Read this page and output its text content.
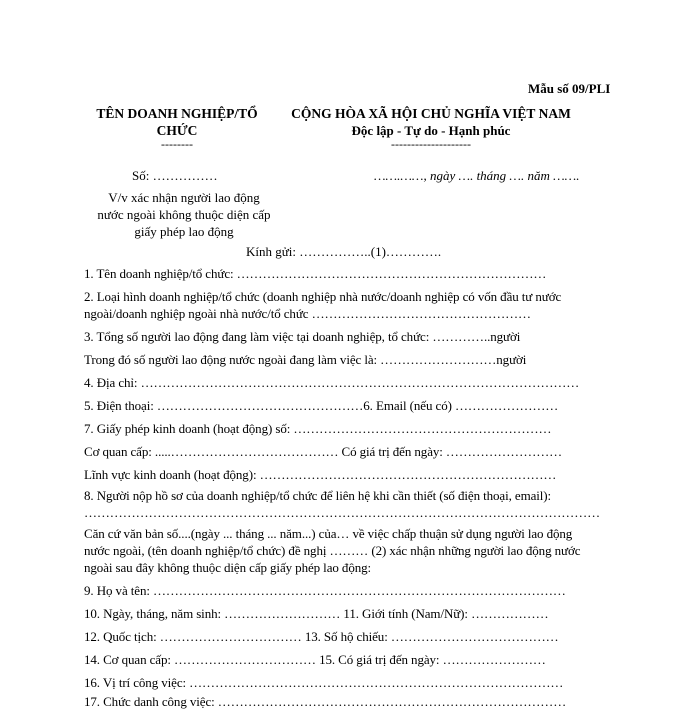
Mẫu số 09/PLI
TÊN DOANH NGHIỆP/TỔ
CHỨC
--------
CỘNG HÒA XÃ HỘI CHỦ NGHĨA VIỆT NAM
Độc lập - Tự do - Hạnh phúc
--------------------
Số: ……………	…….……, ngày …. tháng …. năm …….
V/v xác nhận người lao động
nước ngoài không thuộc diện cấp
giấy phép lao động
Kính gửi: ……………..(1)………….
1. Tên doanh nghiệp/tổ chức: ………………………………………………………………
2. Loại hình doanh nghiệp/tổ chức (doanh nghiệp nhà nước/doanh nghiệp có vốn đầu tư nước
ngoài/doanh nghiệp ngoài nhà nước/tổ chức ……………………………………………
3. Tổng số người lao động đang làm việc tại doanh nghiệp, tổ chức: …………..người
Trong đó số người lao động nước ngoài đang làm việc là: ………………………người
4. Địa chỉ: …………………………………………………………………………………………
5. Điện thoại: …………………………………………6. Email (nếu có) ……………………
7. Giấy phép kinh doanh (hoạt động) số: ……………………………………………………
Cơ quan cấp: .....………………………………… Có giá trị đến ngày: ………………………
Lĩnh vực kinh doanh (hoạt động): ……………………………………………………………
8. Người nộp hồ sơ của doanh nghiệp/tổ chức để liên hệ khi cần thiết (số điện thoại, email):
…………………………………………………………………………………………………………
Căn cứ văn bản số....(ngày ... tháng ... năm...) của… về việc chấp thuận sử dụng người lao động
nước ngoài, (tên doanh nghiệp/tổ chức) đề nghị ……… (2) xác nhận những người lao động nước
ngoài sau đây không thuộc diện cấp giấy phép lao động:
9. Họ và tên: ……………………………………………………………………………………
10. Ngày, tháng, năm sinh: ……………………… 11. Giới tính (Nam/Nữ): ………………
12. Quốc tịch: …………………………… 13. Số hộ chiếu: …………………………………
14. Cơ quan cấp: …………………………… 15. Có giá trị đến ngày: ……………………
16. Vị trí công việc: ……………………………………………………………………………
17. Chức danh công việc: ………………………………………………………………………
